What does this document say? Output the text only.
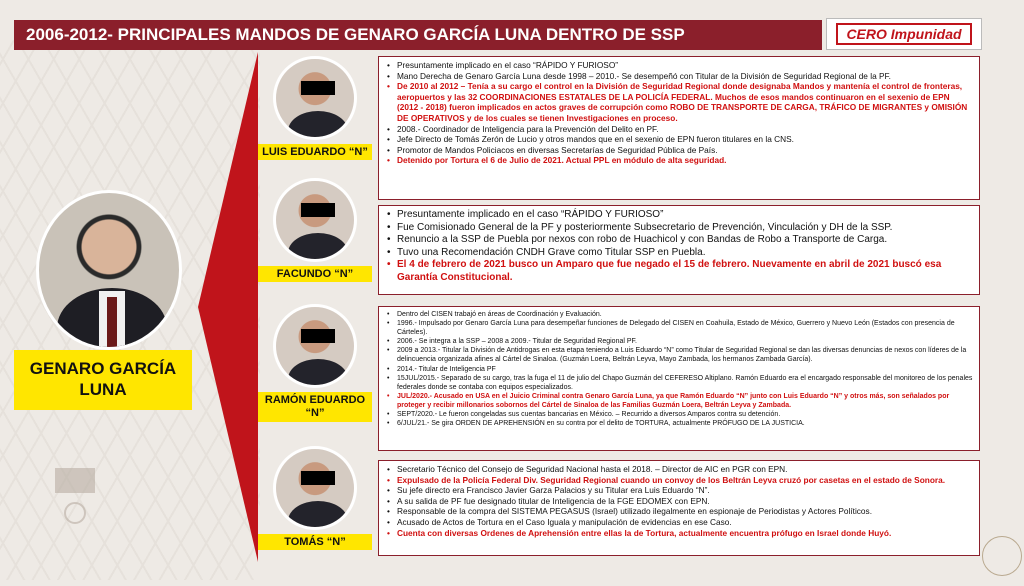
2006-2012- PRINCIPALES MANDOS DE GENARO GARCÍA LUNA DENTRO DE SSP	CERO Impunidad
GENARO GARCÍA LUNA
LUIS EDUARDO “N”
• Presuntamente implicado en el caso “RÁPIDO Y FURIOSO”
• Mano Derecha de Genaro García Luna desde 1998 – 2010.- Se desempeñó con Titular de la División de Seguridad Regional de la PF.
• De 2010 al 2012 – Tenía a su cargo el control en la División de Seguridad Regional donde designaba Mandos y mantenía el control de fronteras, aeropuertos y las 32 COORDINACIONES ESTATALES DE LA POLICÍA FEDERAL. Muchos de esos mandos continuaron en el sexenio de EPN (2012 - 2018) fueron implicados en actos graves de corrupción como ROBO DE TRANSPORTE DE CARGA, TRÁFICO DE MIGRANTES y OMISIÓN DE OPERATIVOS y de los cuales se tienen Investigaciones en proceso.
• 2008.- Coordinador de Inteligencia para la Prevención del Delito en PF.
• Jefe Directo de Tomás Zerón de Lucio y otros mandos que en el sexenio de EPN fueron titulares en la CNS.
• Promotor de Mandos Policiacos en diversas Secretarías de Seguridad Pública de País.
• Detenido por Tortura el 6 de Julio de 2021. Actual PPL en módulo de alta seguridad.
FACUNDO “N”
• Presuntamente implicado en el caso “RÁPIDO Y FURIOSO”
• Fue Comisionado General de la PF y posteriormente Subsecretario de Prevención, Vinculación y DH de la SSP.
• Renuncio a la SSP de Puebla por nexos con robo de Huachicol y con Bandas de Robo a Transporte de Carga.
• Tuvo una Recomendación CNDH Grave como Titular SSP en Puebla.
• El 4 de febrero de 2021 busco un Amparo que fue negado el 15 de febrero. Nuevamente en abril de 2021 buscó esa Garantía Constitucional.
RAMÓN EDUARDO “N”
• Dentro del CISEN trabajó en áreas de Coordinación y Evaluación.
• 1996.- Impulsado por Genaro García Luna para desempeñar funciones de Delegado del CISEN en Coahuila, Estado de México, Guerrero y Nuevo León (Estados con presencia de Cárteles).
• 2006.- Se integra a la SSP – 2008 a 2009.- Titular de Seguridad Regional PF.
• 2009 a 2013.- Titular la División de Antidrogas en esta etapa teniendo a Luis Eduardo “N” como Titular de Seguridad Regional se dan las diversas denuncias de nexos con líderes de la delincuencia organizada afines al Cártel de Sinaloa. (Guzmán Loera, Beltrán Leyva, Mayo Zambada, los hermanos Zambada García).
• 2014.- Titular de Inteligencia PF
• 15JUL/2015.- Separado de su cargo, tras la fuga el 11 de julio del Chapo Guzmán del CEFERESO Altiplano. Ramón Eduardo era el encargado responsable del monitoreo de los penales federales donde se contaba con equipos especializados.
• JUL/2020.- Acusado en USA en el Juicio Criminal contra Genaro García Luna, ya que Ramón Eduardo “N” junto con Luis Eduardo “N” y otros más, son señalados por proteger y recibir millonarios sobornos del Cártel de Sinaloa de las Familias Guzmán Loera, Beltrán Leyva y Zambada.
• SEPT/2020.- Le fueron congeladas sus cuentas bancarias en México. – Recurrido a diversos Amparos contra su detención.
• 6/JUL/21.- Se gira ORDEN DE APREHENSIÓN en su contra por el delito de TORTURA, actualmente PRÓFUGO DE LA JUSTICIA.
TOMÁS “N”
• Secretario Técnico del Consejo de Seguridad Nacional hasta el 2018. – Director de AIC en PGR con EPN.
• Expulsado de la Policía Federal Div. Seguridad Regional cuando un convoy de los Beltrán Leyva cruzó por casetas en el estado de Sonora.
• Su jefe directo era Francisco Javier Garza Palacios y su Titular era Luis Eduardo “N”.
• A su salida de PF fue designado titular de Inteligencia de la FGE EDOMEX con EPN.
• Responsable de la compra del SISTEMA PEGASUS (Israel) utilizado ilegalmente en espionaje de Periodistas y Actores Políticos.
• Acusado de Actos de Tortura en el Caso Iguala y manipulación de evidencias en ese Caso.
• Cuenta con diversas Ordenes de Aprehensión entre ellas la de Tortura, actualmente encuentra prófugo en Israel donde Huyó.
